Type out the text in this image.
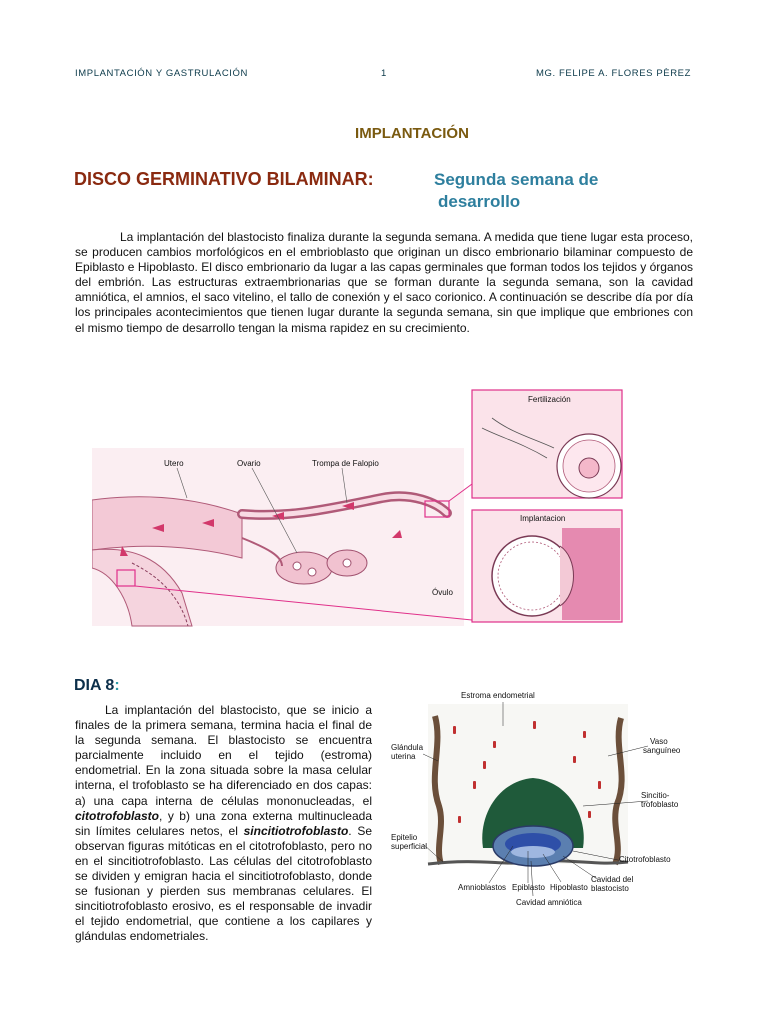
IMPLANTACIÓN Y GASTRULACIÓN	1	MG. FELIPE A. FLORES PÈREZ
IMPLANTACIÓN
DISCO GERMINATIVO BILAMINAR:	Segunda semana de
desarrollo
La implantación del blastocisto finaliza durante la segunda semana. A medida que tiene lugar esta proceso, se producen cambios morfológicos en el embrioblasto que originan un disco embrionario bilaminar compuesto de Epiblasto e Hipoblasto. El disco embrionario da lugar a las capas germinales que forman todos los tejidos y órganos del embrión. Las estructuras extraembrionarias que se forman durante la segunda semana, son la cavidad amniótica, el amnios, el saco vitelino, el tallo de conexión y el saco corionico. A continuación se describe día por día los principales acontecimientos que tienen lugar durante la segunda semana, sin que implique que embriones con el mismo tiempo de desarrollo tengan la misma rapidez en su crecimiento.
Utero	Ovario	Trompa de Falopio
Óvulo
Fertilización
Implantacion
DIA 8:
La implantación del blastocisto, que se inicio a finales de la primera semana, termina hacia el final de la segunda semana. El blastocisto se encuentra parcialmente incluido en el tejido (estroma) endometrial. En la zona situada sobre la masa celular interna, el trofoblasto se ha diferenciado en dos capas: a) una capa interna de células mononucleadas, el citotrofoblasto, y b) una zona externa multinucleada sin límites celulares netos, el sincitiotrofoblasto. Se observan figuras mitóticas en el citotrofoblasto, pero no en el sincitiotrofoblasto. Las células del citotrofoblasto se dividen y emigran hacia el sincitiotrofoblasto, donde se fusionan y pierden sus membranas celulares. El sincitiotrofoblasto erosivo, es el responsable de invadir el tejido endometrial, que contiene a los capilares y glándulas endometriales.
Estroma endometrial
Glándula
uterina
Vaso
sanguíneo
Sincitio-
trofoblasto
Epitelio
superficial
Citotrofoblasto
Amnioblastos Epiblasto Hipoblasto
Cavidad del
blastocisto
Cavidad amniótica
